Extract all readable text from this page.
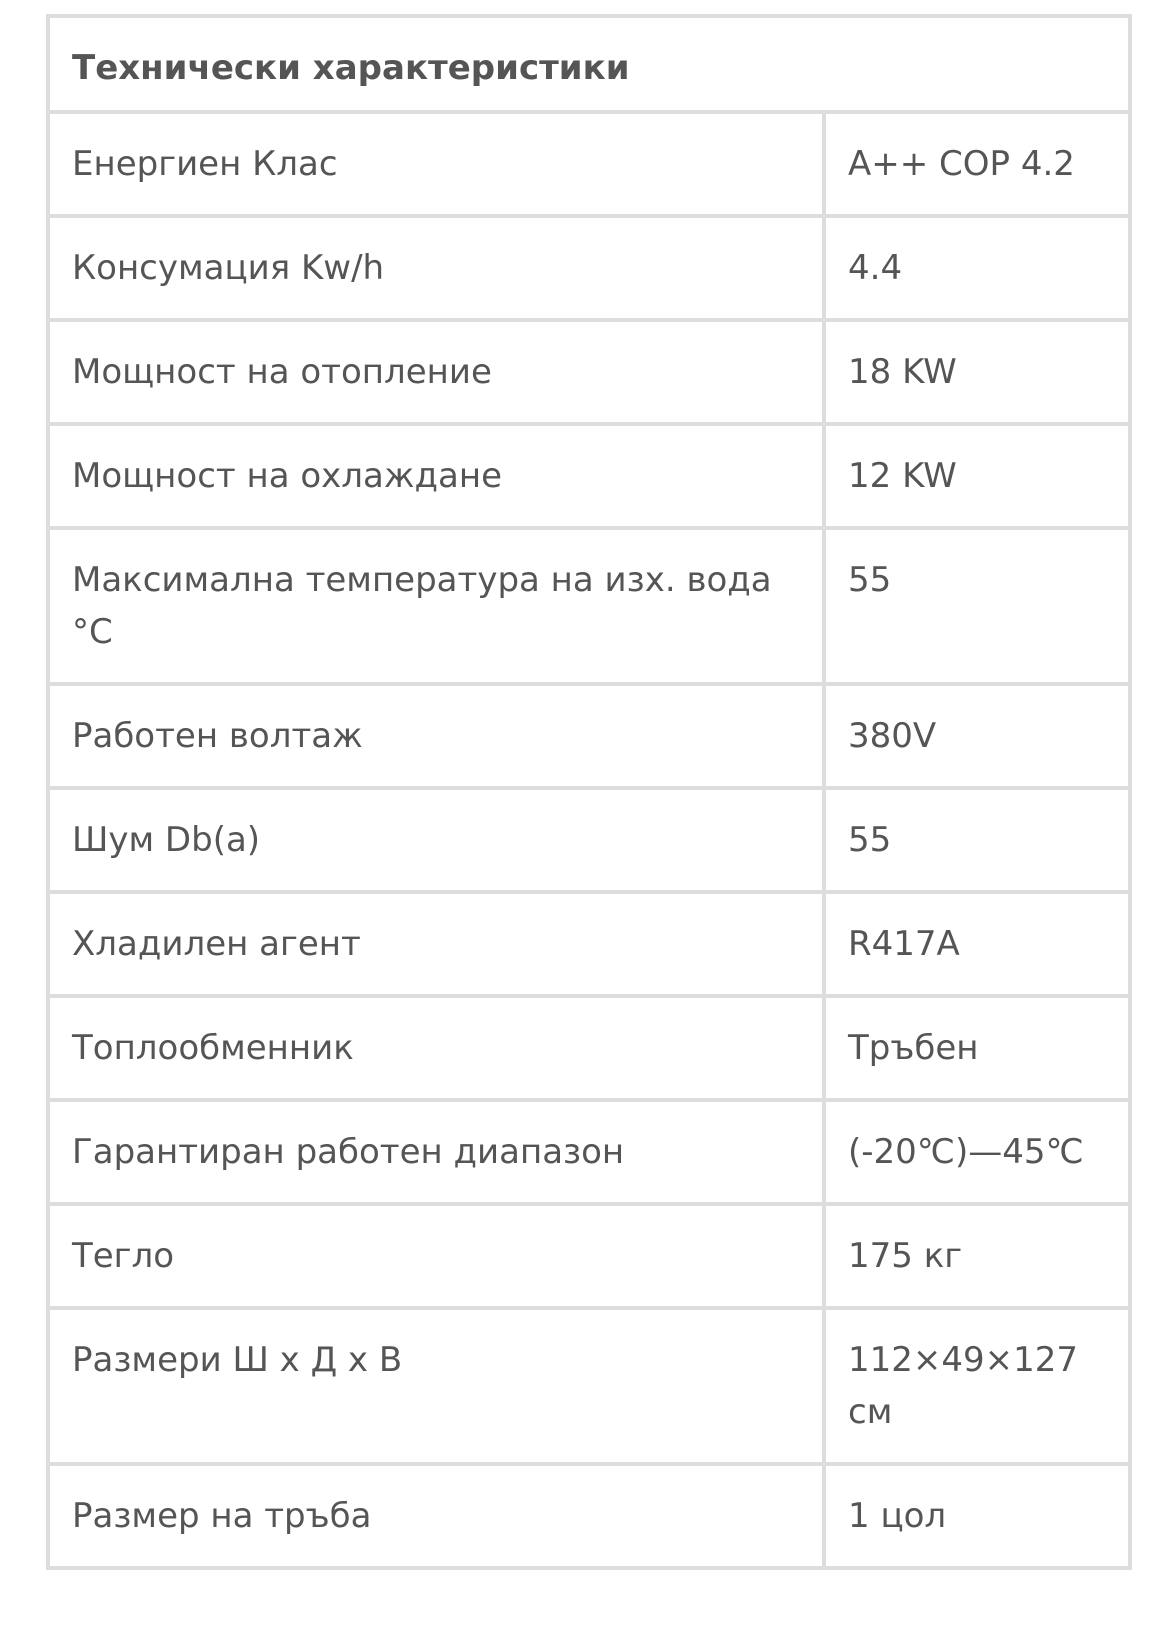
Технически характеристики	
Енергиен Клас	A++ COP 4.2
Консумация Kw/h	4.4
Мощност на отопление	18 KW
Мощност на охлаждане	12 KW
Максимална температура на изх. вода °C	55
Работен волтаж	380V
Шум Db(a)	55
Хладилен агент	R417A
Топлообменник	Тръбен
Гарантиран работен диапазон	(-20℃)—45℃
Тегло	175 кг
Размери Ш х Д х В	112×49×127 см
Размер на тръба	1 цол
